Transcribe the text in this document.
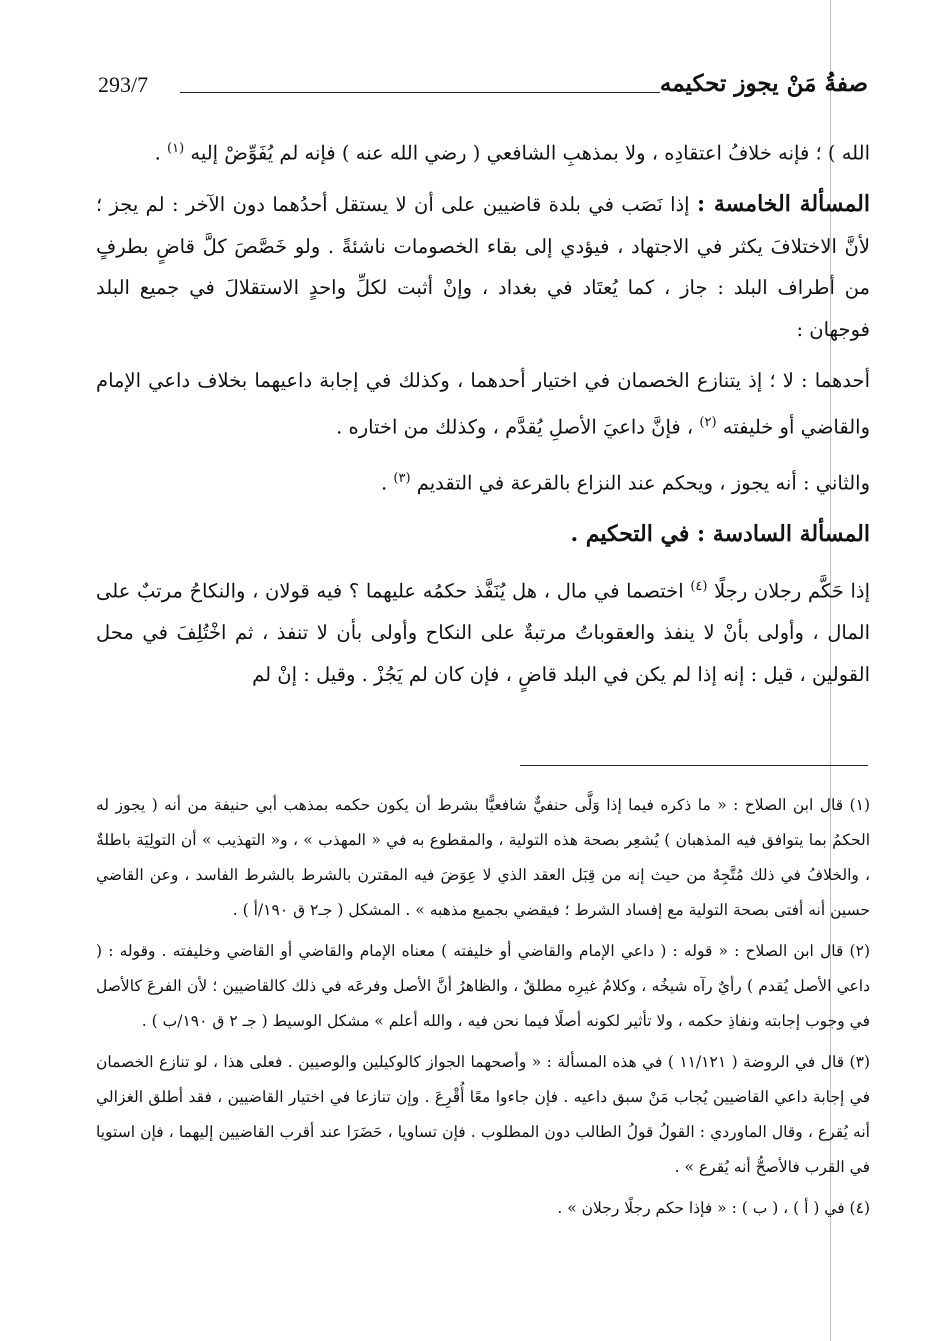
صفةُ مَنْ يجوز تحكيمه
293/7

الله ) ؛ فإنه خلافُ اعتقادِه ، ولا بمذهبِ الشافعي ( رضي الله عنه ) فإنه لم يُفَوِّضْ إليه $^{(١)}$ .

المسألة الخامسة : إذا نَصَب في بلدة قاضيين على أن لا يستقل أحدُهما دون الآخر : لم يجز ؛ لأنَّ الاختلافَ يكثر في الاجتهاد ، فيؤدي إلى بقاء الخصومات ناشئةً . ولو خَصَّصَ كلَّ قاضٍ بطرفٍ من أطراف البلد : جاز ، كما يُعتَاد في بغداد ، وإنْ أثبت لكلِّ واحدٍ الاستقلالَ في جميع البلد فوجهان :

أحدهما : لا ؛ إذ يتنازع الخصمان في اختيار أحدهما ، وكذلك في إجابة داعيهما بخلاف داعي الإمام والقاضي أو خليفته $^{(٢)}$ ، فإنَّ داعيَ الأصلِ يُقدَّم ، وكذلك من اختاره .

والثاني : أنه يجوز ، ويحكم عند النزاع بالقرعة في التقديم $^{(٣)}$ .

المسألة السادسة : في التحكيم .

إذا حَكَّم رجلان رجلًا $^{(٤)}$ اختصما في مال ، هل يُنَفَّذ حكمُه عليهما ؟ فيه قولان ، والنكاحُ مرتبٌ على المال ، وأولى بأنْ لا ينفذ والعقوباتُ مرتبةٌ على النكاح وأولى بأن لا تنفذ ، ثم اخْتُلِفَ في محل القولين ، قيل : إنه إذا لم يكن في البلد قاضٍ ، فإن كان لم يَجُزْ . وقيل : إنْ لم

(١) قال ابن الصلاح : « ما ذكره فيما إذا وَلَّى حنفيٌّ شافعيًّا بشرط أن يكون حكمه بمذهب أبي حنيفة من أنه ( يجوز له الحكمُ بما يتوافق فيه المذهبان ) يُشعِر بصحة هذه التولية ، والمقطوع به في « المهذب » ، و« التهذيب » أن التولِيَة باطلةٌ ، والخلافُ في ذلك مُتَّجِهٌ من حيث إنه من قِبَل العقد الذي لا عِوَضَ فيه المقترن بالشرط بالشرط الفاسد ، وعن القاضي حسين أنه أفتى بصحة التولية مع إفساد الشرط ؛ فيقضي بجميع مذهبه » . المشكل ( جـ٢ ق ١٩٠/أ ) .

(٢) قال ابن الصلاح : « قوله : ( داعي الإمام والقاضي أو خليفته ) معناه الإمام والقاضي أو القاضي وخليفته . وقوله : ( داعي الأصل يُقدم ) رأيٌ رآه شيخُه ، وكلامُ غيرِه مطلقٌ ، والظاهرُ أنَّ الأصل وفرعَه في ذلك كالقاضيين ؛ لأن الفرعَ كالأصل في وجوب إجابته ونفاذِ حكمه ، ولا تأثير لكونه أصلًا فيما نحن فيه ، والله أعلم » مشكل الوسيط ( جـ ٢ ق ١٩٠/ب ) .

(٣) قال في الروضة ( ١١/١٢١ ) في هذه المسألة : « وأصحهما الجواز كالوكيلين والوصيين . فعلى هذا ، لو تنازع الخصمان في إجابة داعي القاضيين يُجاب مَنْ سبق داعيه . فإن جاءوا معًا أُقْرِعَ . وإن تنازعا في اختيار القاضيين ، فقد أطلق الغزالي أنه يُقرع ، وقال الماوردي : القولُ قولُ الطالب دون المطلوب . فإن تساويا ، حَضَرَا عند أقرب القاضيين إليهما ، فإن استويا في القرب فالأصحُّ أنه يُقرع » .

(٤) في ( أ ) ، ( ب ) : « فإذا حكم رجلًا رجلان » .
